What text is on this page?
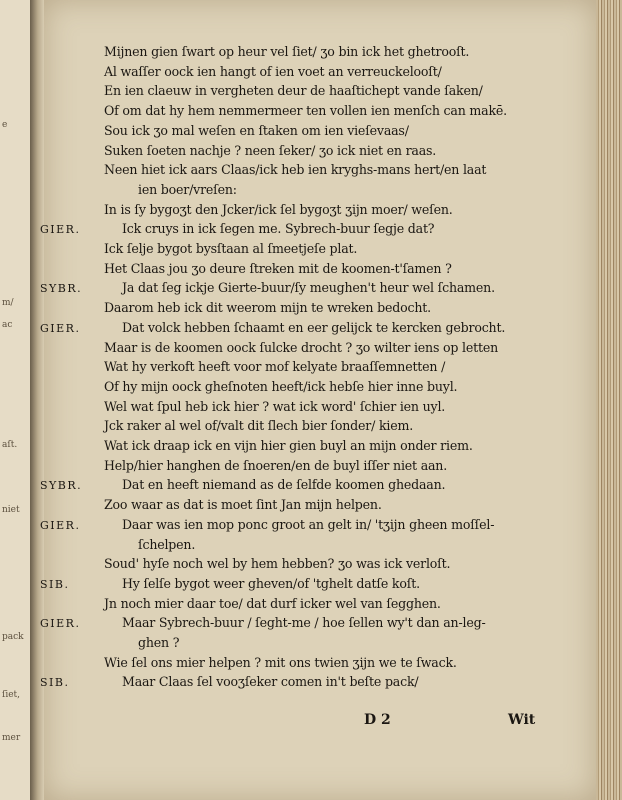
e
m/
ac
aſt.
niet
pack
ſiet,
mer
Mijnen gien ſwart op heur vel ſiet/ ʒo bin ick het ghetrooſt.
Al waſſer oock ien hangt of ien voet an verreuckelooſt/
En ien claeuw in vergheten deur de haaſtichept vande ſaken/
Of om dat hy hem nemmermeer ten vollen ien menſch can makē.
Sou ick ʒo mal weſen en ſtaken om ien vieſevaas/
Suken ſoeten nachje ? neen ſeker/ ʒo ick niet en raas.
Neen hiet ick aars Claas/ick heb ien kryghs-mans hert/en laat
ien boer/vreſen:
In is ſy bygoʒt den Jcker/ick ſel bygoʒt ʒijn moer/ weſen.
GIER.	Ick cruys in ick ſegen me. Sybrech-buur ſegje dat?
Ick ſelje bygot bysſtaan al ſmeetjeſe plat.
Het Claas jou ʒo deure ſtreken mit de koomen-t'ſamen ?
SYBR.	Ja dat ſeg ickje Gierte-buur/ſy meughen't heur wel ſchamen.
Daarom heb ick dit weerom mijn te wreken bedocht.
GIER.	Dat volck hebben ſchaamt en eer gelijck te kercken gebrocht.
Maar is de koomen oock ſulcke drocht ? ʒo wilter iens op letten
Wat hy verkoft heeft voor mof kelyate braaſſemnetten /
Of hy mijn oock gheſnoten heeft/ick hebſe hier inne buyl.
Wel wat ſpul heb ick hier ? wat ick word' ſchier ien uyl.
Jck raker al wel of/valt dit ſlech bier ſonder/ kiem.
Wat ick draap ick en vijn hier gien buyl an mijn onder riem.
Help/hier hanghen de ſnoeren/en de buyl iſſer niet aan.
SYBR.	Dat en heeft niemand as de ſelfde koomen ghedaan.
Zoo waar as dat is moet ſint Jan mijn helpen.
GIER.	Daar was ien mop ponc groot an gelt in/ 'tʒijn gheen moſſel-
ſchelpen.
Soud' hyſe noch wel by hem hebben? ʒo was ick verloſt.
SIB.	Hy ſelſe bygot weer gheven/of 'tghelt datſe koſt.
Jn noch mier daar toe/ dat durf icker wel van ſegghen.
GIER.	Maar Sybrech-buur / ſeght-me / hoe ſellen wy't dan an-leg-
ghen ?
Wie ſel ons mier helpen ? mit ons twien ʒijn we te ſwack.
SIB.	Maar Claas ſel vooʒſeker comen in't beſte pack/
D 2	Wit
